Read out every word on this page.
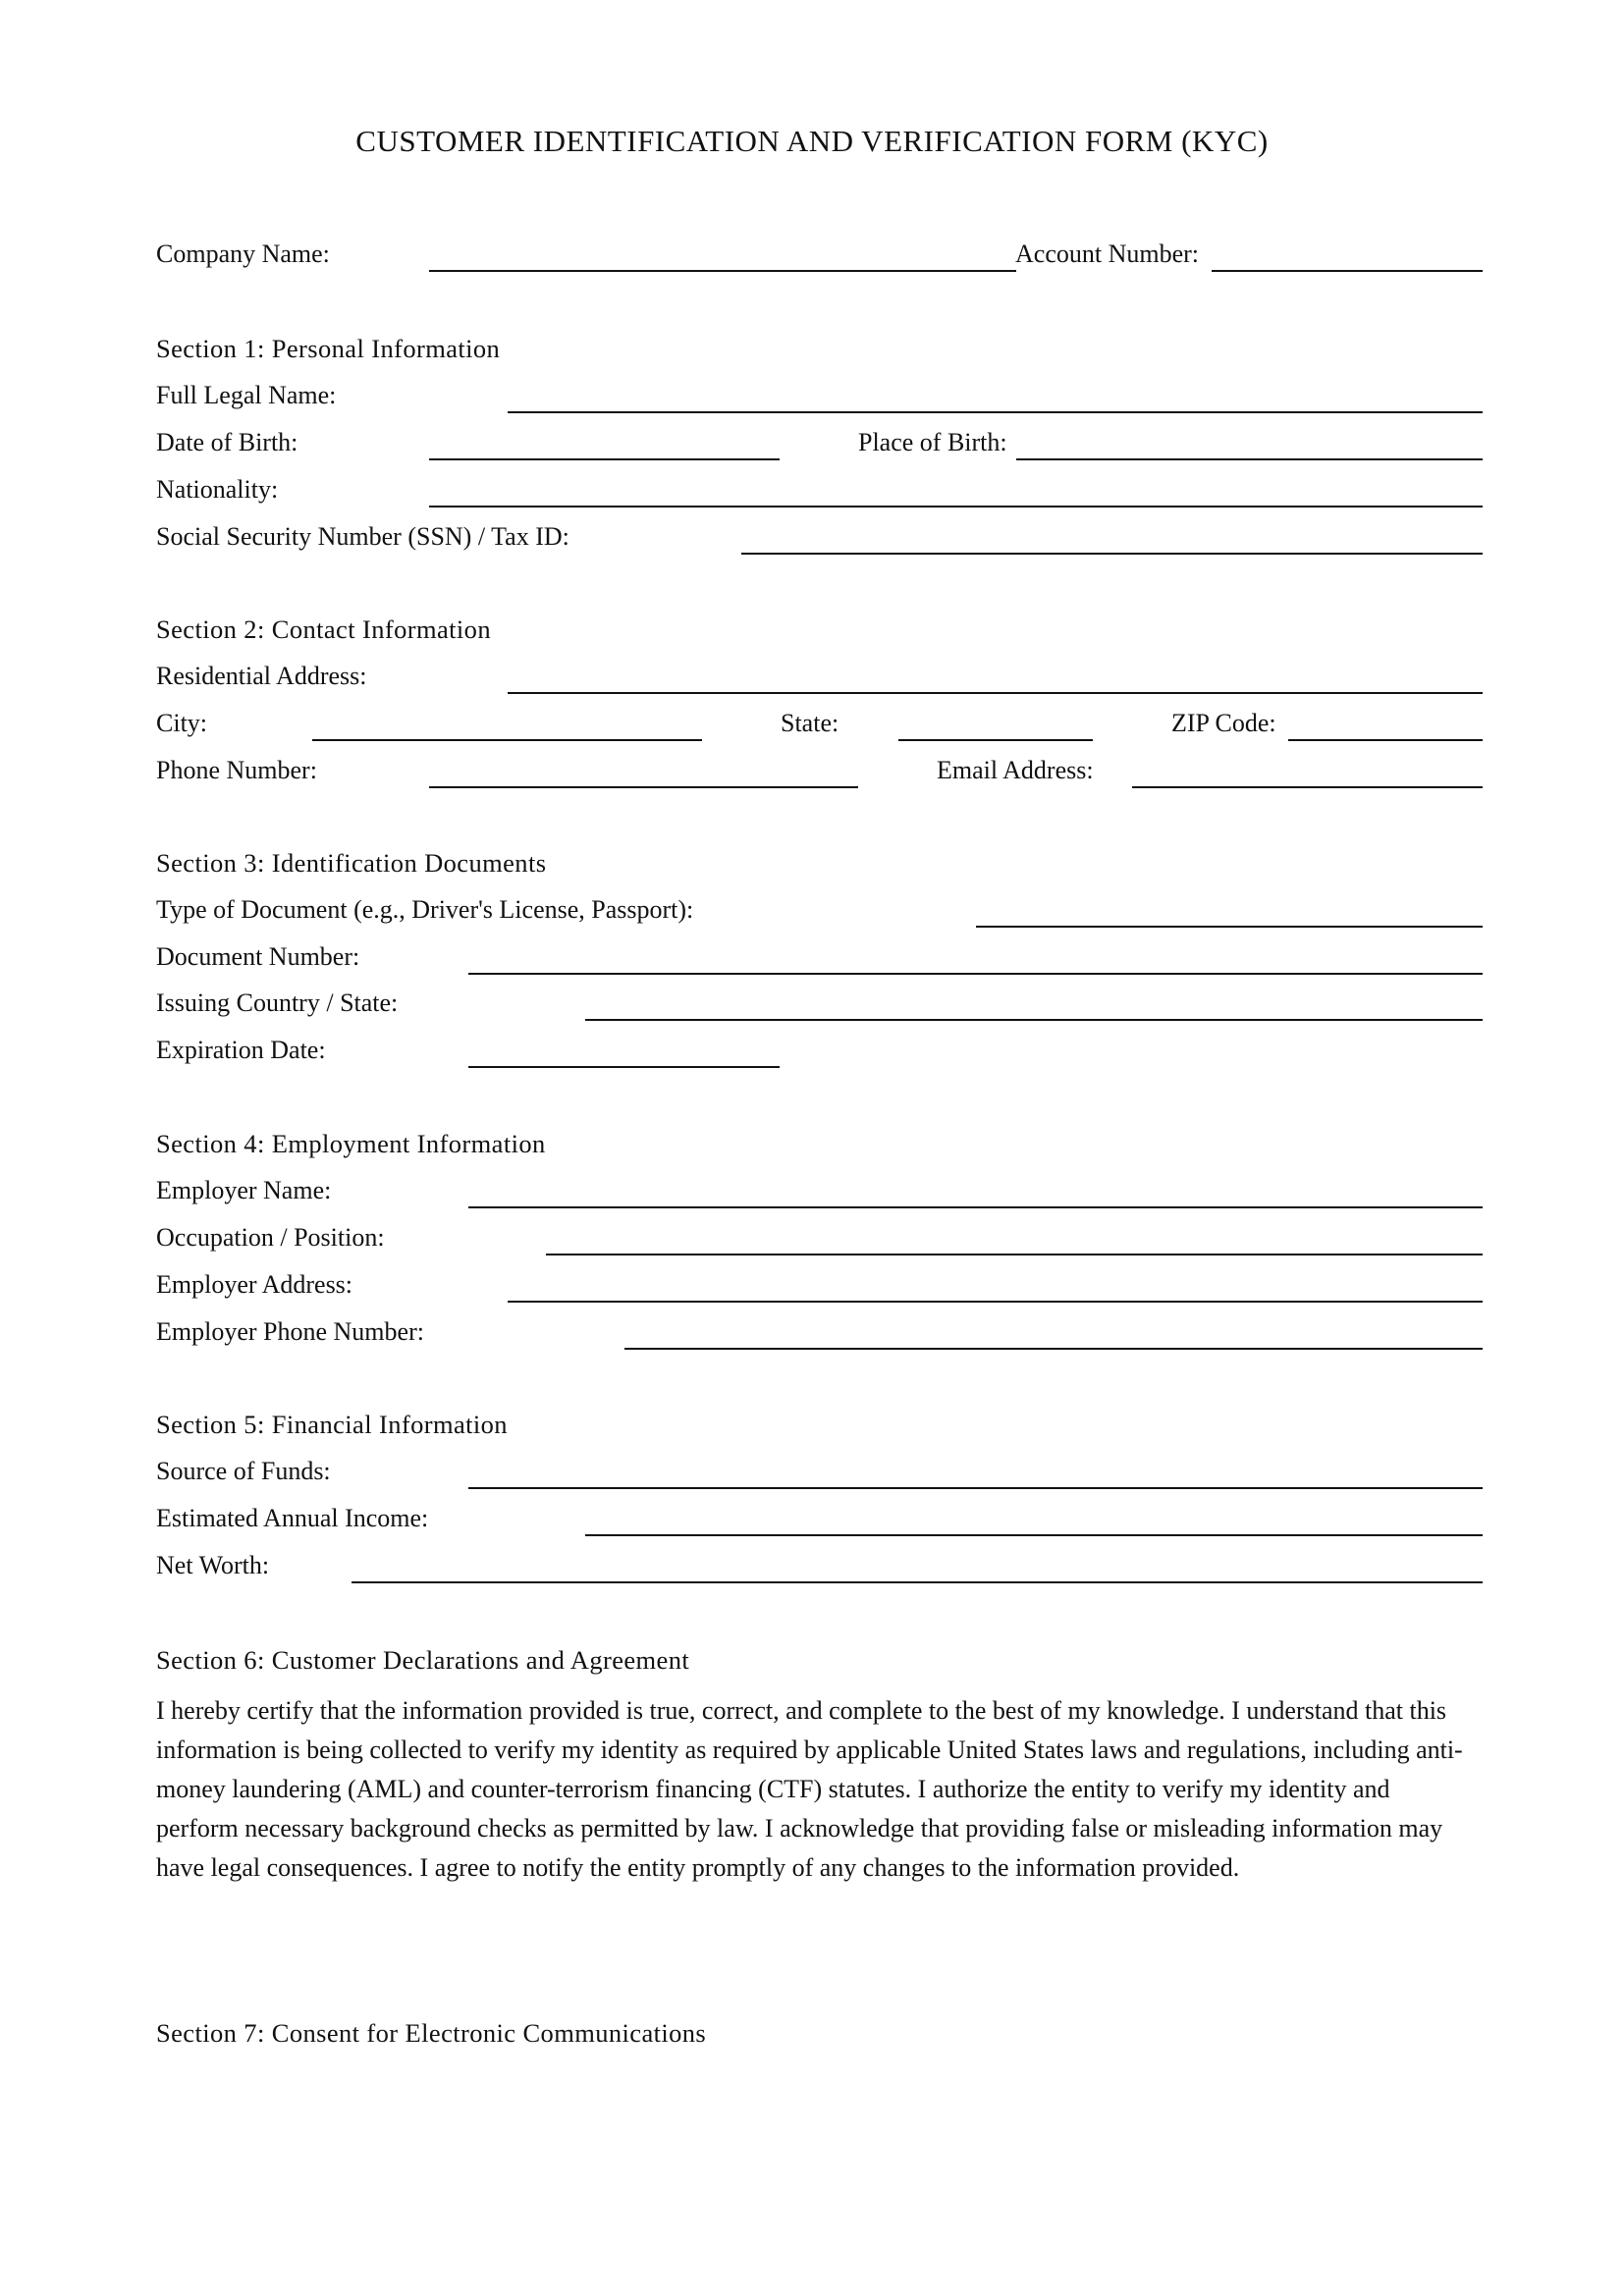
CUSTOMER IDENTIFICATION AND VERIFICATION FORM (KYC)
Company Name:	Account Number:
Section 1: Personal Information
Full Legal Name:
Date of Birth:	Place of Birth:
Nationality:
Social Security Number (SSN) / Tax ID:
Section 2: Contact Information
Residential Address:
City:	State:	ZIP Code:
Phone Number:	Email Address:
Section 3: Identification Documents
Type of Document (e.g., Driver's License, Passport):
Document Number:
Issuing Country / State:
Expiration Date:
Section 4: Employment Information
Employer Name:
Occupation / Position:
Employer Address:
Employer Phone Number:
Section 5: Financial Information
Source of Funds:
Estimated Annual Income:
Net Worth:
Section 6: Customer Declarations and Agreement
I hereby certify that the information provided is true, correct, and complete to the best of my knowledge. I understand that this information is being collected to verify my identity as required by applicable United States laws and regulations, including anti-money laundering (AML) and counter-terrorism financing (CTF) statutes. I authorize the entity to verify my identity and perform necessary background checks as permitted by law. I acknowledge that providing false or misleading information may have legal consequences. I agree to notify the entity promptly of any changes to the information provided.
Section 7: Consent for Electronic Communications
